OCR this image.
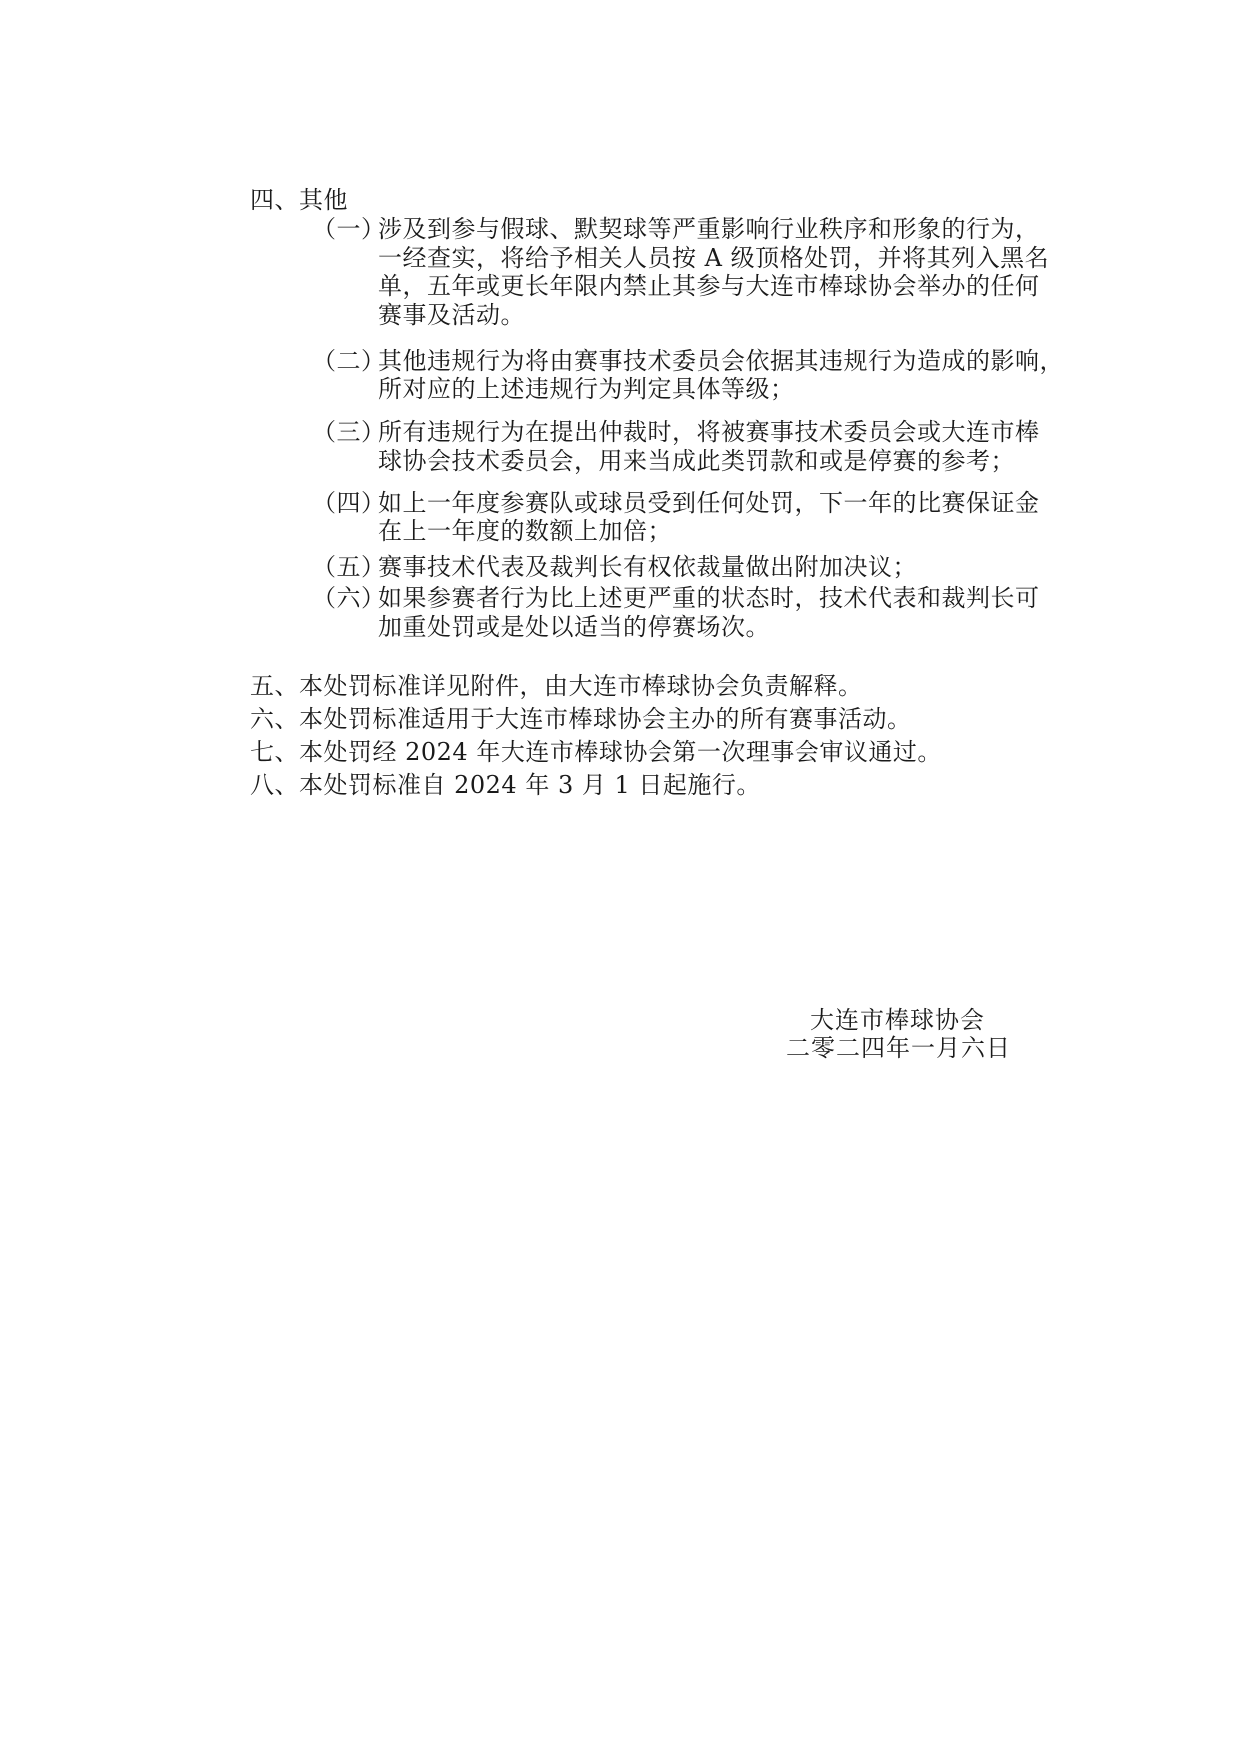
四、其他
（一）
涉及到参与假球、默契球等严重影响行业秩序和形象的行为，
一经查实，将给予相关人员按 A 级顶格处罚，并将其列入黑名
单，五年或更长年限内禁止其参与大连市棒球协会举办的任何
赛事及活动。
（二）
其他违规行为将由赛事技术委员会依据其违规行为造成的影响，
所对应的上述违规行为判定具体等级；
（三）
所有违规行为在提出仲裁时，将被赛事技术委员会或大连市棒
球协会技术委员会，用来当成此类罚款和或是停赛的参考；
（四）
如上一年度参赛队或球员受到任何处罚，下一年的比赛保证金
在上一年度的数额上加倍；
（五）
赛事技术代表及裁判长有权依裁量做出附加决议；
（六）
如果参赛者行为比上述更严重的状态时，技术代表和裁判长可
加重处罚或是处以适当的停赛场次。
五、本处罚标准详见附件，由大连市棒球协会负责解释。
六、本处罚标准适用于大连市棒球协会主办的所有赛事活动。
七、本处罚经 2024 年大连市棒球协会第一次理事会审议通过。
八、本处罚标准自 2024 年 3 月 1 日起施行。
大连市棒球协会
二零二四年一月六日
